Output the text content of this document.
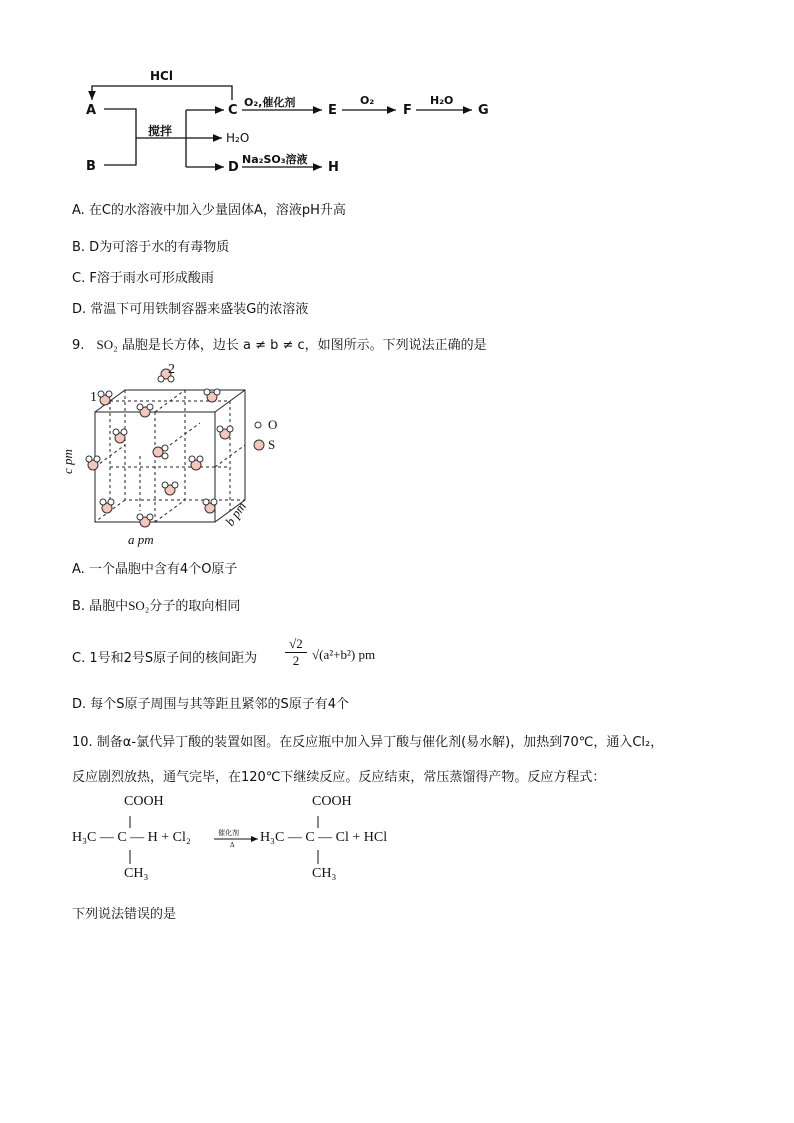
HCl
A
B
搅拌
C
H₂O
D
O₂,催化剂
E
O₂
F
H₂O
G
Na₂SO₃溶液
H
A. 在C的水溶液中加入少量固体A，溶液pH升高
B. D为可溶于水的有毒物质
C. F溶于雨水可形成酸雨
D. 常温下可用铁制容器来盛装G的浓溶液
9. SO₂ 晶胞是长方体，边长 a ≠ b ≠ c，如图所示。下列说法正确的是
1
2
O
S
c pm
a pm
b pm
A. 一个晶胞中含有4个O原子
B. 晶胞中SO₂分子的取向相同
C. 1号和2号S原子间的核间距为 $\frac{√2}{2} √(a^2+b^2)$ pm
D. 每个S原子周围与其等距且紧邻的S原子有4个
10. 制备α-氯代异丁酸的装置如图。在反应瓶中加入异丁酸与催化剂(易水解)，加热到70℃，通入Cl₂，
反应剧烈放热，通气完毕，在120℃下继续反应。反应结束，常压蒸馏得产物。反应方程式：
COOH	COOH
H₃C — C — H + Cl₂	催化剂
Δ H₃C — C — Cl + HCl
CH₃	CH₃
下列说法错误的是
